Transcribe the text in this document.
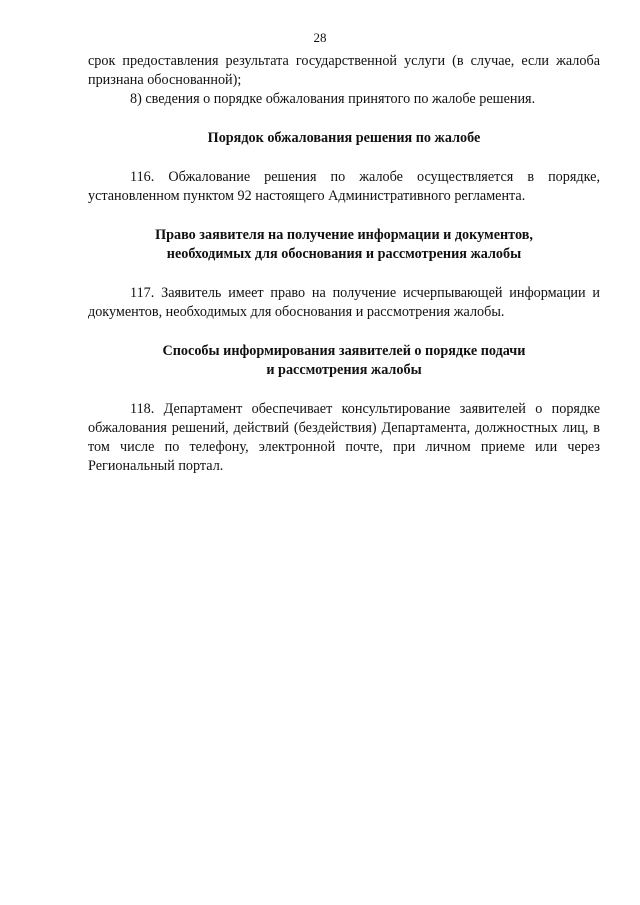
28

срок предоставления результата государственной услуги (в случае, если жалоба признана обоснованной);

8) сведения о порядке обжалования принятого по жалобе решения.

Порядок обжалования решения по жалобе

116. Обжалование решения по жалобе осуществляется в порядке, установленном пунктом 92 настоящего Административного регламента.

Право заявителя на получение информации и документов,
необходимых для обоснования и рассмотрения жалобы

117. Заявитель имеет право на получение исчерпывающей информации и документов, необходимых для обоснования и рассмотрения жалобы.

Способы информирования заявителей о порядке подачи
и рассмотрения жалобы

118. Департамент обеспечивает консультирование заявителей о порядке обжалования решений, действий (бездействия) Департамента, должностных лиц, в том числе по телефону, электронной почте, при личном приеме или через Региональный портал.
